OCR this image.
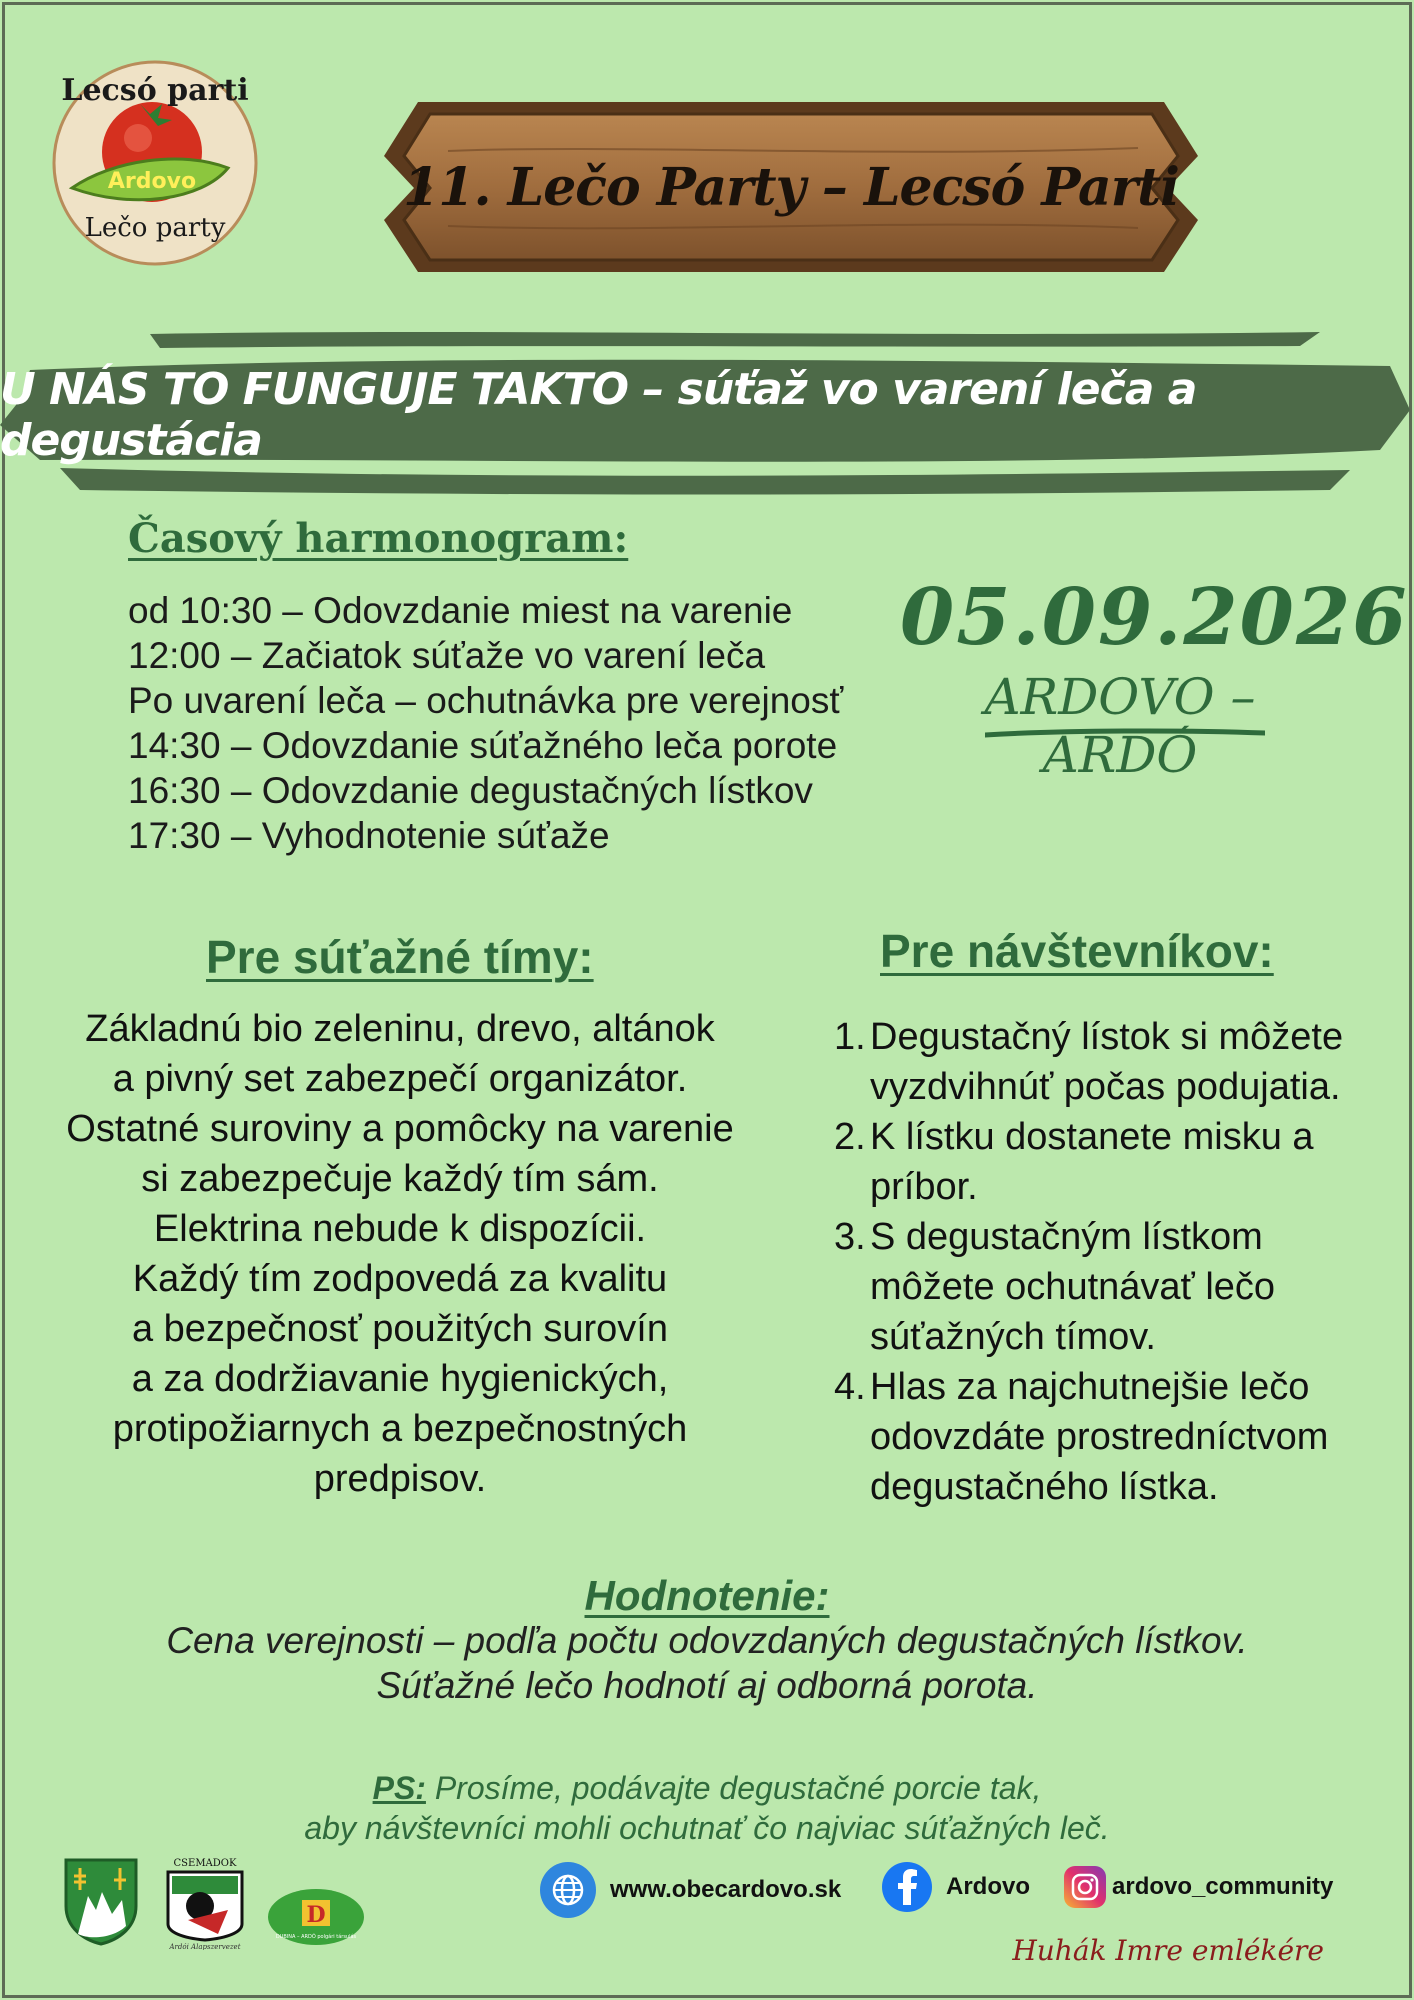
Ardovo
Lecsó parti
Lečo party
11. Lečo Party – Lecsó Parti
U NÁS TO FUNGUJE TAKTO – súťaž vo varení leča a degustácia
Časový harmonogram:
od 10:30 – Odovzdanie miest na varenie
12:00 – Začiatok súťaže vo varení leča
Po uvarení leča – ochutnávka pre verejnosť
14:30 – Odovzdanie súťažného leča porote
16:30 – Odovzdanie degustačných lístkov
17:30 – Vyhodnotenie súťaže
05.09.2026
ARDOVO – ARDÓ
Pre súťažné tímy:
Základnú bio zeleninu, drevo, altánok
a pivný set zabezpečí organizátor.
Ostatné suroviny a pomôcky na varenie
si zabezpečuje každý tím sám.
Elektrina nebude k dispozícii.
Každý tím zodpovedá za kvalitu
a bezpečnosť použitých surovín
a za dodržiavanie hygienických,
protipožiarnych a bezpečnostných
predpisov.
Pre návštevníkov:
1. Degustačný lístok si môžete vyzdvihnúť počas podujatia.
2. K lístku dostanete misku a príbor.
3. S degustačným lístkom môžete ochutnávať lečo súťažných tímov.
4. Hlas za najchutnejšie lečo odovzdáte prostredníctvom degustačného lístka.
Hodnotenie:
Cena verejnosti – podľa počtu odovzdaných degustačných lístkov.
Súťažné lečo hodnotí aj odborná porota.
PS: Prosíme, podávajte degustačné porcie tak,
aby návštevníci mohli ochutnať čo najviac súťažných leč.
CSEMADOK
Ardói Alapszervezet
D
DUBINA – ARDÓ polgári társulás
www.obecardovo.sk	Ardovo	ardovo_community
Huhák Imre emlékére
